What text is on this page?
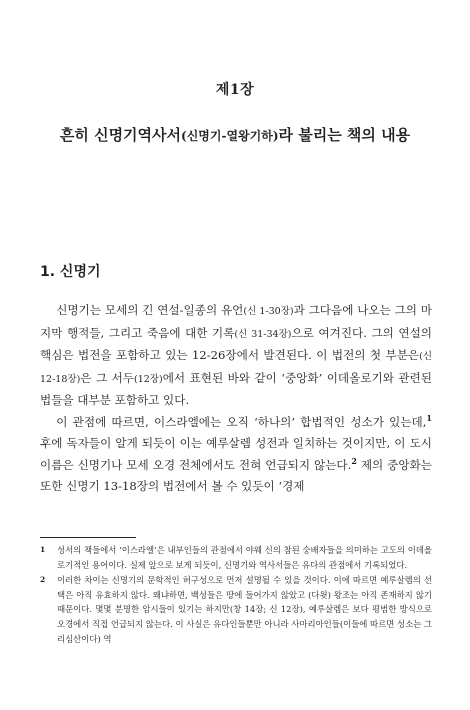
제1장
흔히 신명기역사서(신명기-열왕기하)라 불리는 책의 내용
1. 신명기

신명기는 모세의 긴 연설-일종의 유언(신 1-30장)과 그다음에 나오는 그의 마지막 행적들, 그리고 죽음에 대한 기록(신 31-34장)으로 여겨진다. 그의 연설의 핵심은 법전을 포함하고 있는 12-26장에서 발견된다. 이 법전의 첫 부분은(신 12-18장)은 그 서두(12장)에서 표현된 바와 같이 ‘중앙화’ 이데올로기와 관련된 법들을 대부분 포함하고 있다.

이 관점에 따르면, 이스라엘에는 오직 ‘하나의’ 합법적인 성소가 있는데,$^1$ 후에 독자들이 알게 되듯이 이는 예루살렘 성전과 일치하는 것이지만, 이 도시 이름은 신명기나 모세 오경 전체에서도 전혀 언급되지 않는다.$^2$ 제의 중앙화는 또한 신명기 13-18장의 법전에서 볼 수 있듯이 ‘경제

1 성서의 책들에서 ‘이스라엘’은 내부인들의 관점에서 야웨 신의 참된 숭배자들을 의미하는 고도의 이데올로기적인 용어이다. 실제 앞으로 보게 되듯이, 신명기와 역사서들은 유다의 관점에서 기록되었다.
2 이러한 차이는 신명기의 문학적인 허구성으로 먼저 설명될 수 있을 것이다. 이에 따르면 예루살렘의 선택은 아직 유효하지 않다. 왜냐하면, 백성들은 땅에 들어가지 않았고 (다윗) 왕조는 아직 존재하지 않기 때문이다. 몇몇 분명한 암시들이 있기는 하지만(창 14장; 신 12장), 예루살렘은 보다 평범한 방식으로 오경에서 직접 언급되지 않는다. 이 사실은 유다인들뿐만 아니라 사마리아인들(이들에 따르면 성소는 그리심산이다) 역
